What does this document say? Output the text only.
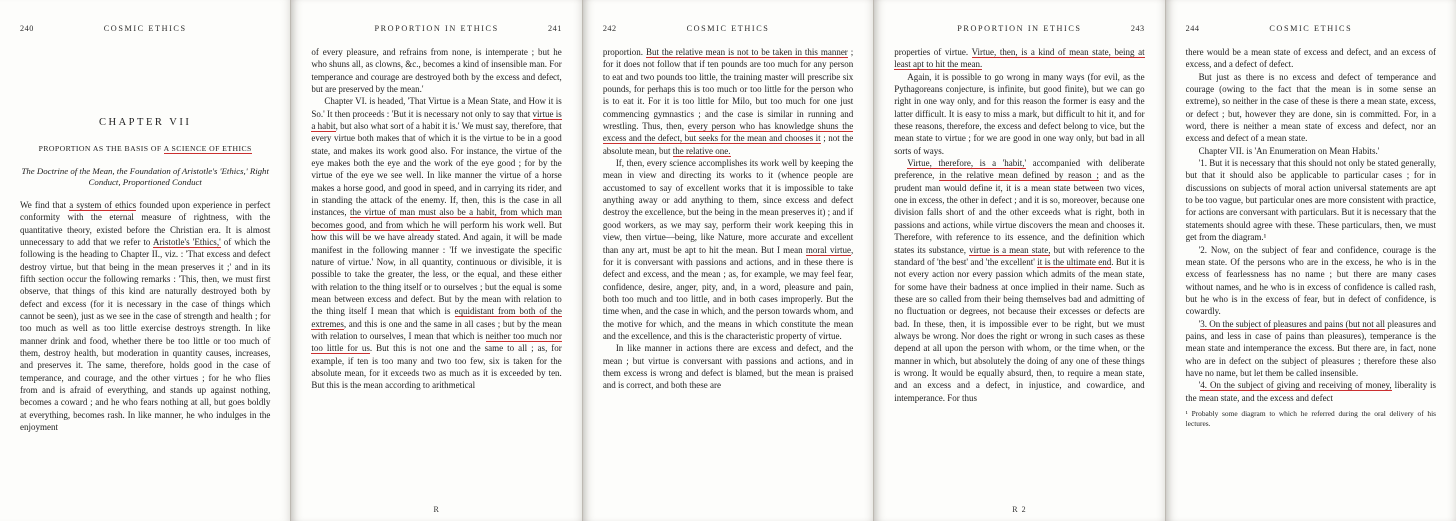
240	COSMIC ETHICS
CHAPTER VII
PROPORTION AS THE BASIS OF A SCIENCE OF ETHICS
The Doctrine of the Mean, the Foundation of Aristotle's 'Ethics,' Right Conduct, Proportioned Conduct
We find that a system of ethics founded upon experience in perfect conformity with the eternal measure of rightness, with the quantitative theory, existed before the Christian era. It is almost unnecessary to add that we refer to Aristotle's 'Ethics,' of which the following is the heading to Chapter II., viz. : 'That excess and defect destroy virtue, but that being in the mean preserves it ;' and in its fifth section occur the following remarks : 'This, then, we must first observe, that things of this kind are naturally destroyed both by defect and excess (for it is necessary in the case of things which cannot be seen), just as we see in the case of strength and health ; for too much as well as too little exercise destroys strength. In like manner drink and food, whether there be too little or too much of them, destroy health, but moderation in quantity causes, increases, and preserves it. The same, therefore, holds good in the case of temperance, and courage, and the other virtues ; for he who flies from and is afraid of everything, and stands up against nothing, becomes a coward ; and he who fears nothing at all, but goes boldly at everything, becomes rash. In like manner, he who indulges in the enjoyment
PROPORTION IN ETHICS	241
of every pleasure, and refrains from none, is intemperate ; but he who shuns all, as clowns, &c., becomes a kind of insensible man. For temperance and courage are destroyed both by the excess and defect, but are preserved by the mean.'
Chapter VI. is headed, 'That Virtue is a Mean State, and How it is So.' It then proceeds : 'But it is necessary not only to say that virtue is a habit, but also what sort of a habit it is.' We must say, therefore, that every virtue both makes that of which it is the virtue to be in a good state, and makes its work good also. For instance, the virtue of the eye makes both the eye and the work of the eye good ; for by the virtue of the eye we see well. In like manner the virtue of a horse makes a horse good, and good in speed, and in carrying its rider, and in standing the attack of the enemy. If, then, this is the case in all instances, the virtue of man must also be a habit, from which man becomes good, and from which he will perform his work well. But how this will be we have already stated. And again, it will be made manifest in the following manner : 'If we investigate the specific nature of virtue.' Now, in all quantity, continuous or divisible, it is possible to take the greater, the less, or the equal, and these either with relation to the thing itself or to ourselves ; but the equal is some mean between excess and defect. But by the mean with relation to the thing itself I mean that which is equidistant from both of the extremes, and this is one and the same in all cases ; but by the mean with relation to ourselves, I mean that which is neither too much nor too little for us. But this is not one and the same to all ; as, for example, if ten is too many and two too few, six is taken for the absolute mean, for it exceeds two as much as it is exceeded by ten. But this is the mean according to arithmetical
R
242	COSMIC ETHICS
proportion. But the relative mean is not to be taken in this manner ; for it does not follow that if ten pounds are too much for any person to eat and two pounds too little, the training master will prescribe six pounds, for perhaps this is too much or too little for the person who is to eat it. For it is too little for Milo, but too much for one just commencing gymnastics ; and the case is similar in running and wrestling. Thus, then, every person who has knowledge shuns the excess and the defect, but seeks for the mean and chooses it ; not the absolute mean, but the relative one.
If, then, every science accomplishes its work well by keeping the mean in view and directing its works to it (whence people are accustomed to say of excellent works that it is impossible to take anything away or add anything to them, since excess and defect destroy the excellence, but the being in the mean preserves it) ; and if good workers, as we may say, perform their work keeping this in view, then virtue—being, like Nature, more accurate and excellent than any art, must be apt to hit the mean. But I mean moral virtue, for it is conversant with passions and actions, and in these there is defect and excess, and the mean ; as, for example, we may feel fear, confidence, desire, anger, pity, and, in a word, pleasure and pain, both too much and too little, and in both cases improperly. But the time when, and the case in which, and the person towards whom, and the motive for which, and the means in which constitute the mean and the excellence, and this is the characteristic property of virtue.
In like manner in actions there are excess and defect, and the mean ; but virtue is conversant with passions and actions, and in them excess is wrong and defect is blamed, but the mean is praised and is correct, and both these are
PROPORTION IN ETHICS	243
properties of virtue. Virtue, then, is a kind of mean state, being at least apt to hit the mean.
Again, it is possible to go wrong in many ways (for evil, as the Pythagoreans conjecture, is infinite, but good finite), but we can go right in one way only, and for this reason the former is easy and the latter difficult. It is easy to miss a mark, but difficult to hit it, and for these reasons, therefore, the excess and defect belong to vice, but the mean state to virtue ; for we are good in one way only, but bad in all sorts of ways.
Virtue, therefore, is a 'habit,' accompanied with deliberate preference, in the relative mean defined by reason ; and as the prudent man would define it, it is a mean state between two vices, one in excess, the other in defect ; and it is so, moreover, because one division falls short of and the other exceeds what is right, both in passions and actions, while virtue discovers the mean and chooses it. Therefore, with reference to its essence, and the definition which states its substance, virtue is a mean state, but with reference to the standard of 'the best' and 'the excellent' it is the ultimate end. But it is not every action nor every passion which admits of the mean state, for some have their badness at once implied in their name. Such as these are so called from their being themselves bad and admitting of no fluctuation or degrees, not because their excesses or defects are bad. In these, then, it is impossible ever to be right, but we must always be wrong. Nor does the right or wrong in such cases as these depend at all upon the person with whom, or the time when, or the manner in which, but absolutely the doing of any one of these things is wrong. It would be equally absurd, then, to require a mean state, and an excess and a defect, in injustice, and cowardice, and intemperance. For thus
R 2
244	COSMIC ETHICS
there would be a mean state of excess and defect, and an excess of excess, and a defect of defect.
But just as there is no excess and defect of temperance and courage (owing to the fact that the mean is in some sense an extreme), so neither in the case of these is there a mean state, excess, or defect ; but, however they are done, sin is committed. For, in a word, there is neither a mean state of excess and defect, nor an excess and defect of a mean state.
Chapter VII. is 'An Enumeration on Mean Habits.'
'1. But it is necessary that this should not only be stated generally, but that it should also be applicable to particular cases ; for in discussions on subjects of moral action universal statements are apt to be too vague, but particular ones are more consistent with practice, for actions are conversant with particulars. But it is necessary that the statements should agree with these. These particulars, then, we must get from the diagram.¹
'2. Now, on the subject of fear and confidence, courage is the mean state. Of the persons who are in the excess, he who is in the excess of fearlessness has no name ; but there are many cases without names, and he who is in excess of confidence is called rash, but he who is in the excess of fear, but in defect of confidence, is cowardly.
'3. On the subject of pleasures and pains (but not all pleasures and pains, and less in case of pains than pleasures), temperance is the mean state and intemperance the excess. But there are, in fact, none who are in defect on the subject of pleasures ; therefore these also have no name, but let them be called insensible.
'4. On the subject of giving and receiving of money, liberality is the mean state, and the excess and defect
¹ Probably some diagram to which he referred during the oral delivery of his lectures.
